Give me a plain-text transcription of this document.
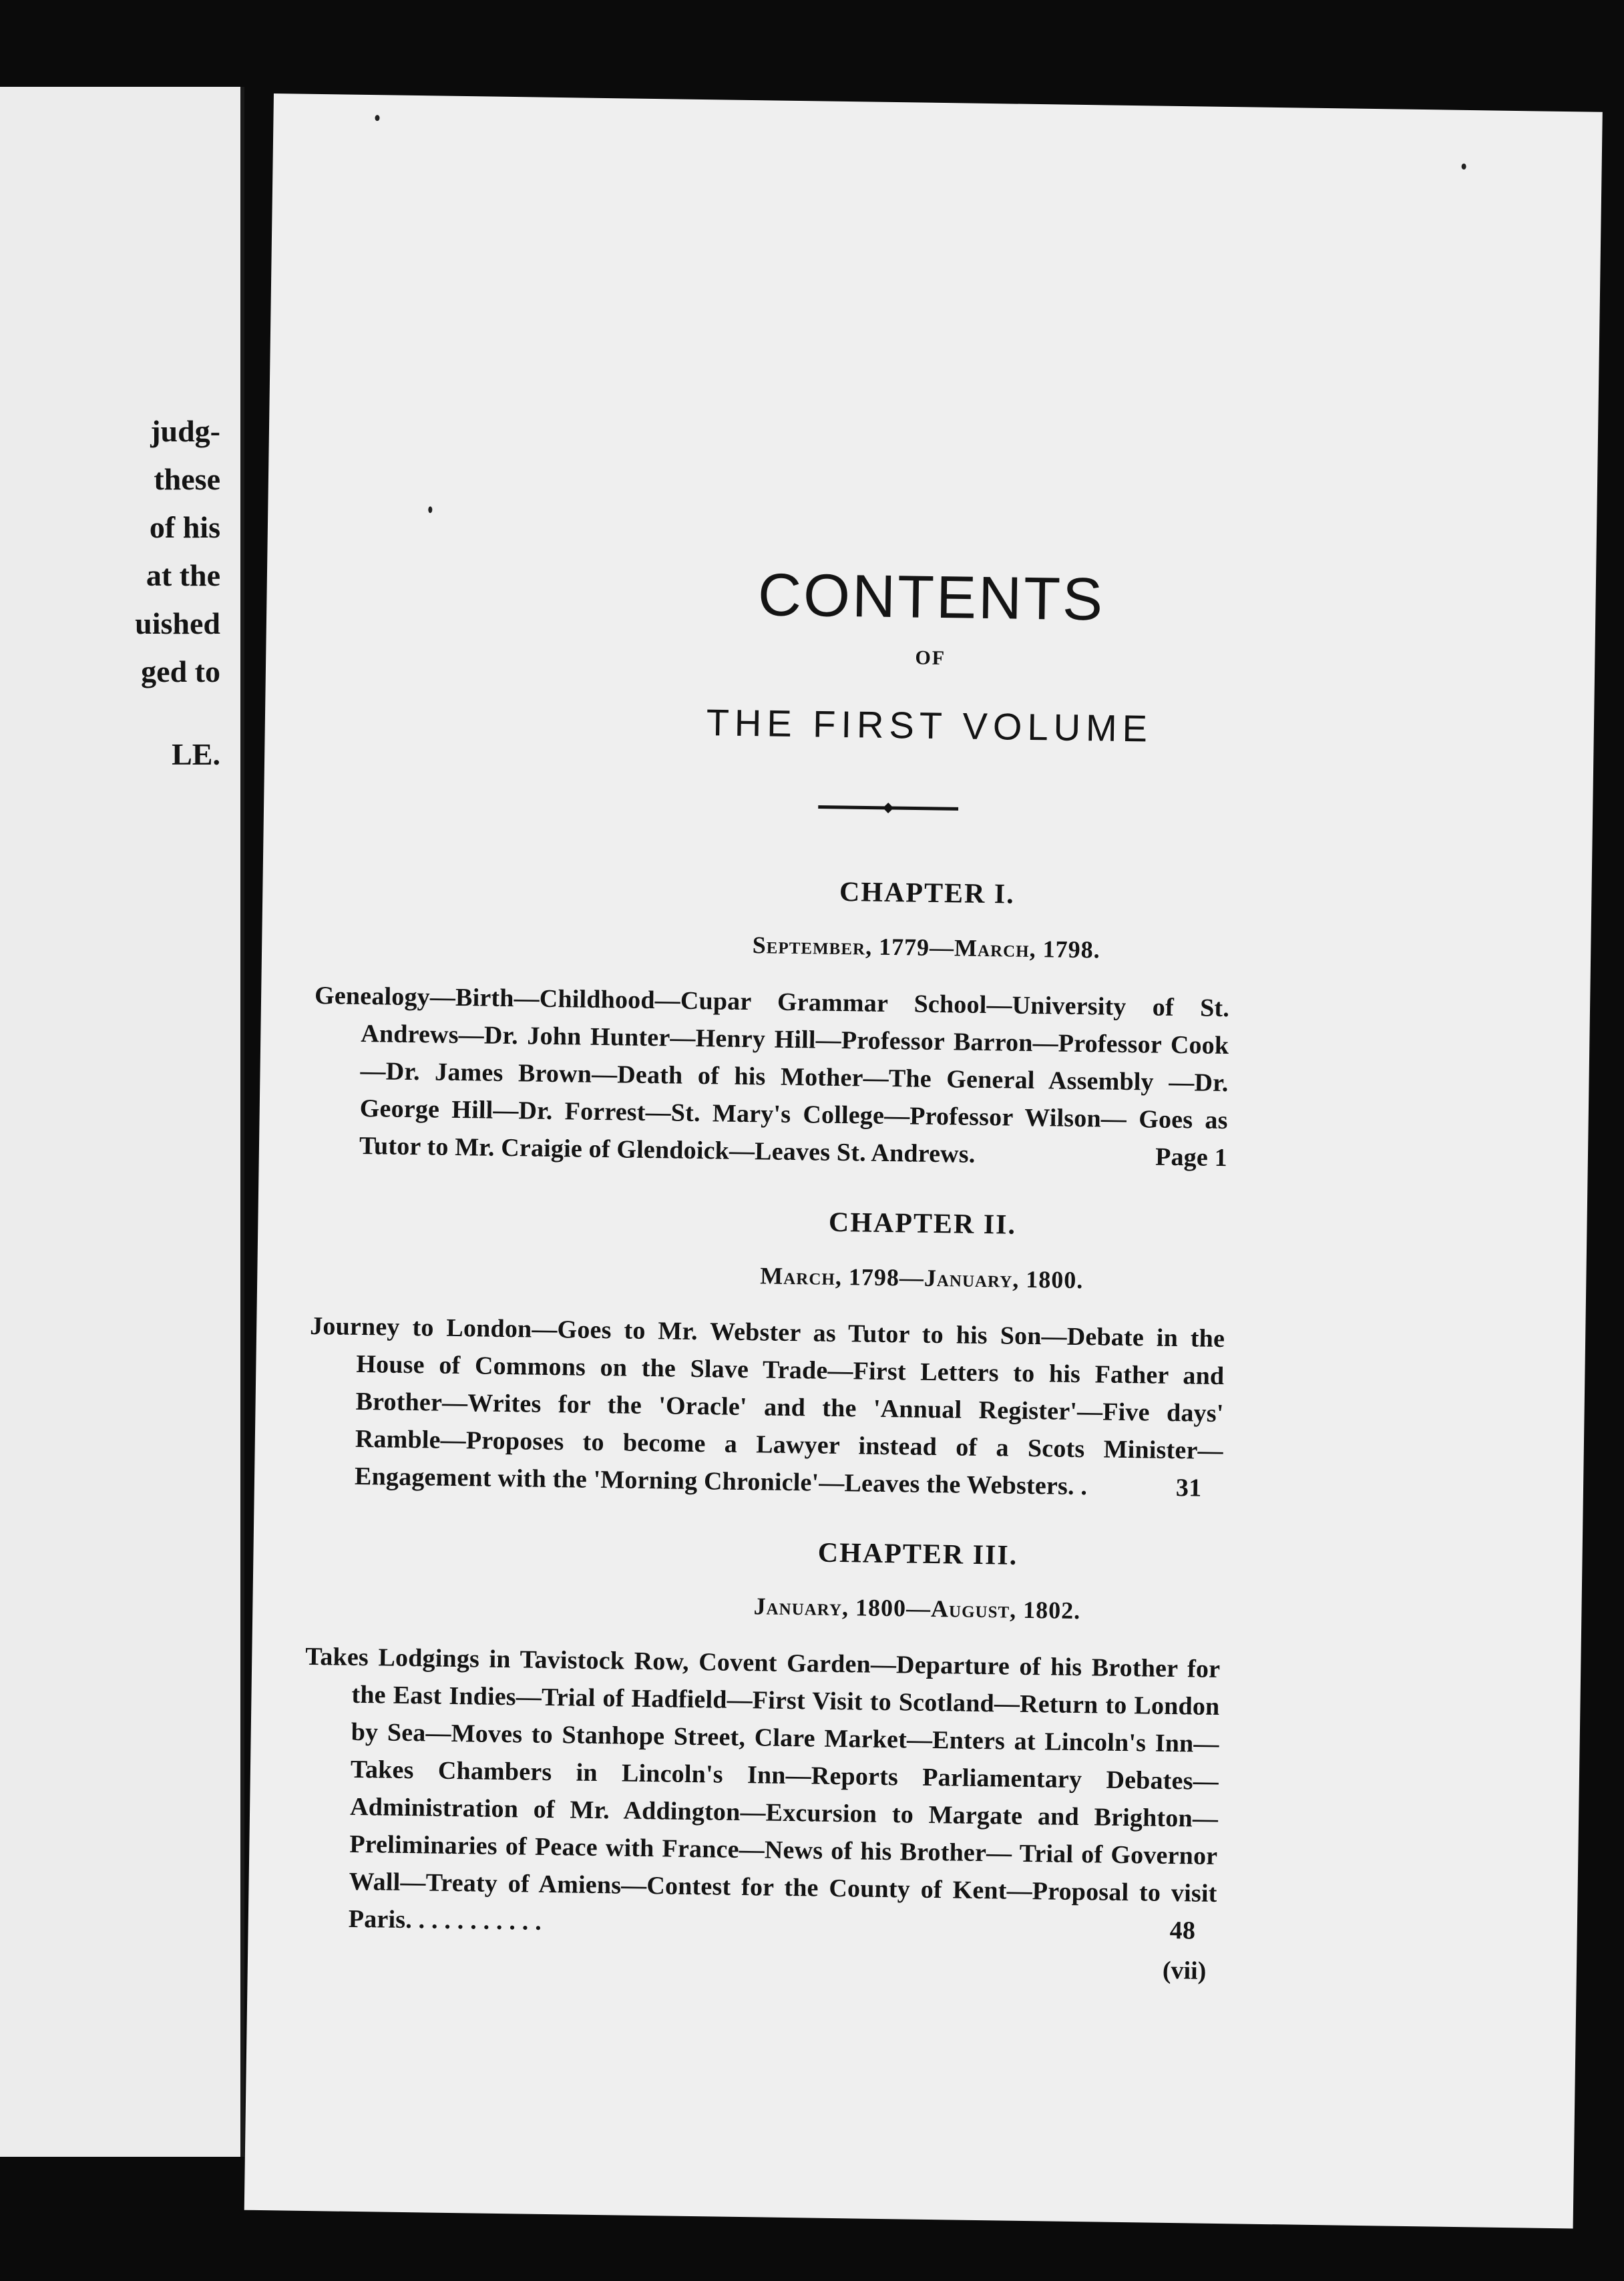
judg-
these
of his
at the
uished
ged to
LE.
CONTENTS
OF
THE FIRST VOLUME
CHAPTER I.
September, 1779—March, 1798.
Genealogy—Birth—Childhood—Cupar Grammar School—University of St. Andrews—Dr. John Hunter—Henry Hill—Professor Barron—Professor Cook—Dr. James Brown—Death of his Mother—The General Assembly —Dr. George Hill—Dr. Forrest—St. Mary's College—Professor Wilson— Goes as Tutor to Mr. Craigie of Glendoick—Leaves St. Andrews.	Page 1
CHAPTER II.
March, 1798—January, 1800.
Journey to London—Goes to Mr. Webster as Tutor to his Son—Debate in the House of Commons on the Slave Trade—First Letters to his Father and Brother—Writes for the 'Oracle' and the 'Annual Register'—Five days' Ramble—Proposes to become a Lawyer instead of a Scots Minister— Engagement with the 'Morning Chronicle'—Leaves the Websters. .	31
CHAPTER III.
January, 1800—August, 1802.
Takes Lodgings in Tavistock Row, Covent Garden—Departure of his Brother for the East Indies—Trial of Hadfield—First Visit to Scotland—Return to London by Sea—Moves to Stanhope Street, Clare Market—Enters at Lincoln's Inn—Takes Chambers in Lincoln's Inn—Reports Parliamentary Debates—Administration of Mr. Addington—Excursion to Margate and Brighton—Preliminaries of Peace with France—News of his Brother— Trial of Governor Wall—Treaty of Amiens—Contest for the County of Kent—Proposal to visit Paris. . . . . . . . . . .	48
(vii)
